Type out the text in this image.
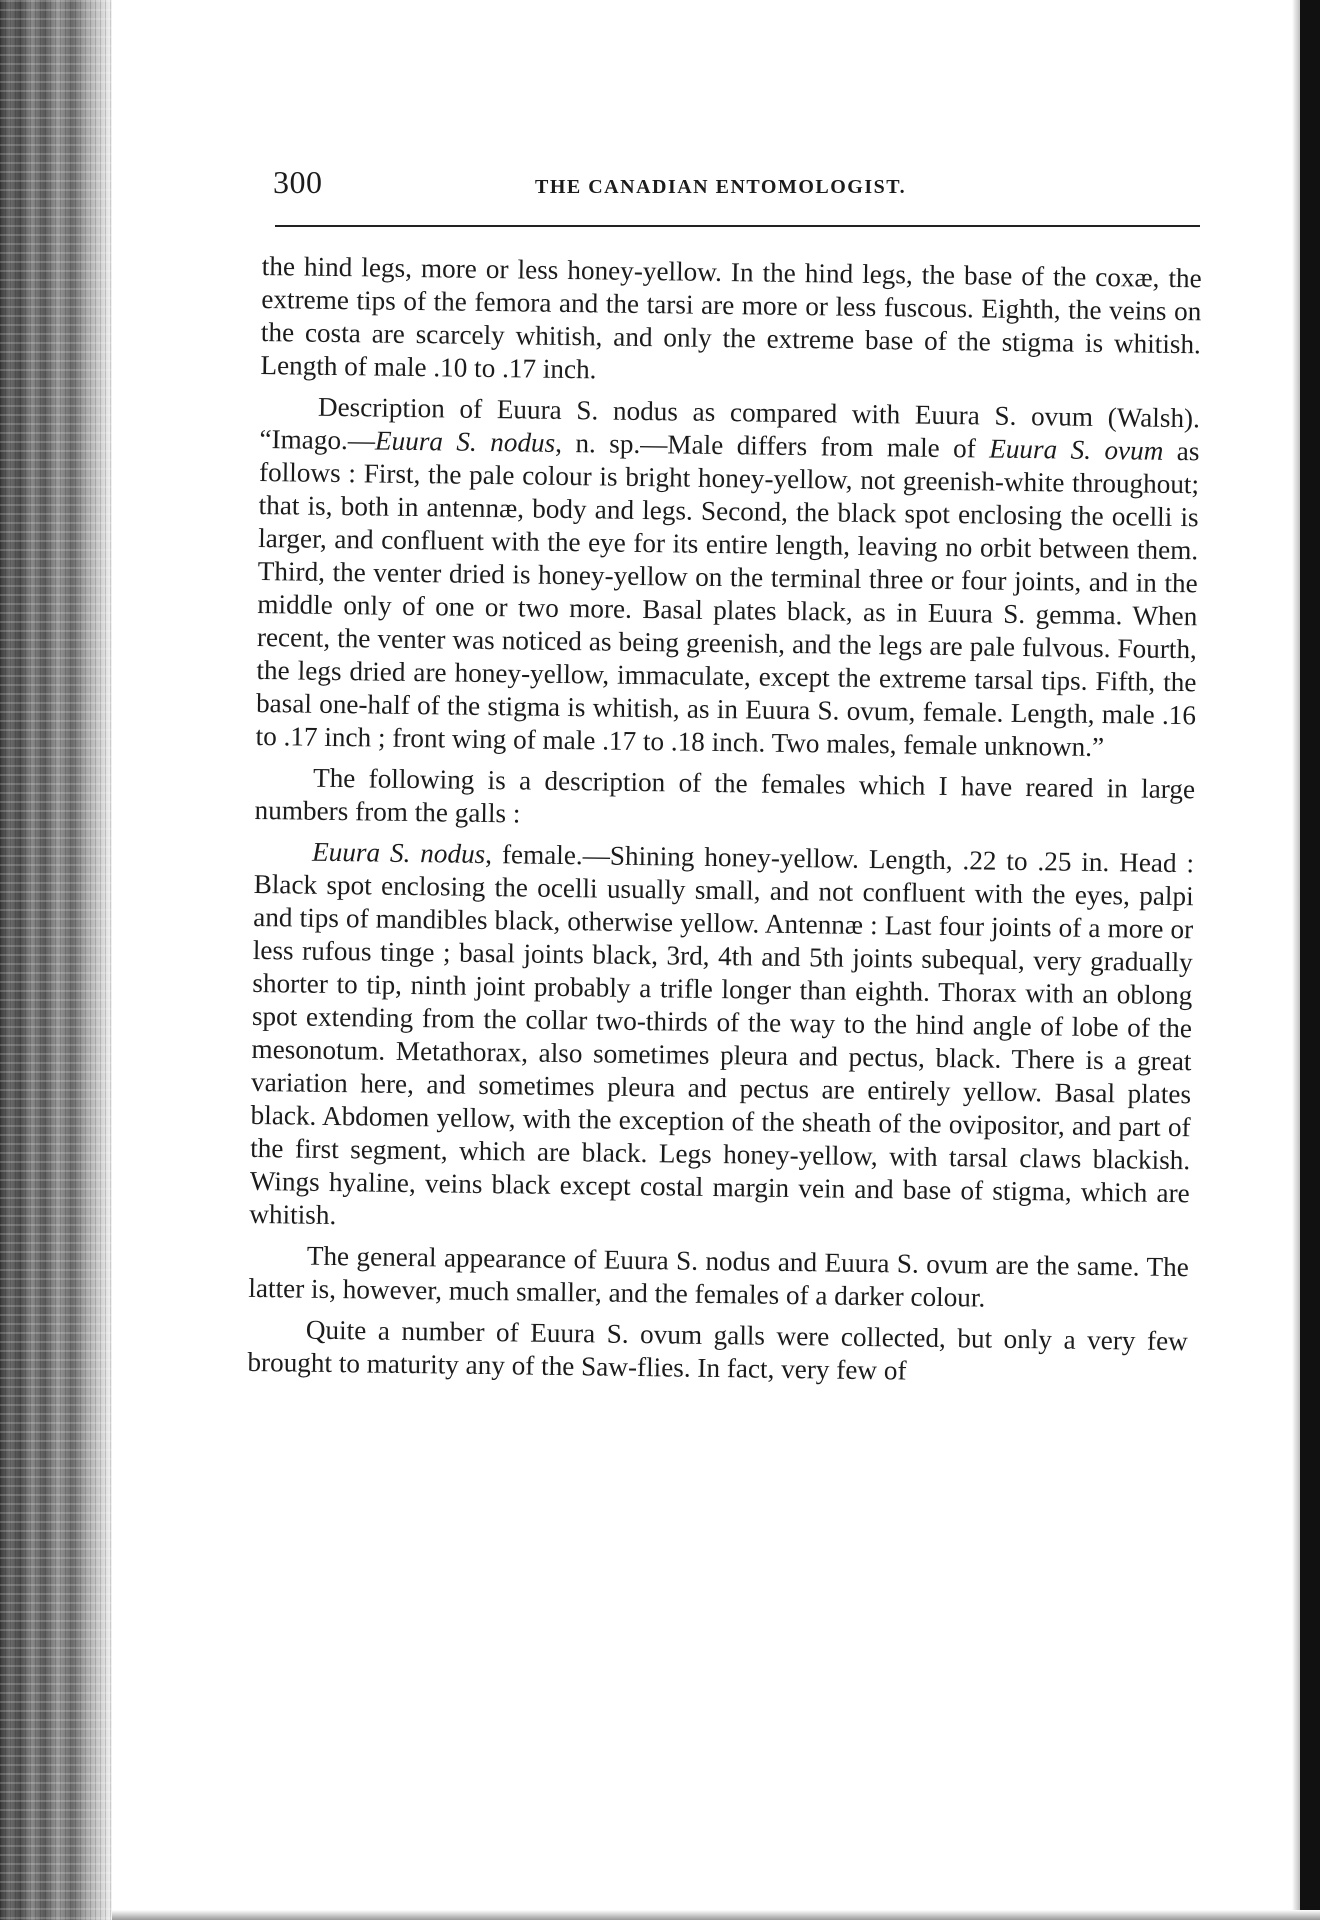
300	THE CANADIAN ENTOMOLOGIST.

the hind legs, more or less honey-yellow. In the hind legs, the base of the coxæ, the extreme tips of the femora and the tarsi are more or less fuscous. Eighth, the veins on the costa are scarcely whitish, and only the extreme base of the stigma is whitish. Length of male .10 to .17 inch.

Description of Euura S. nodus as compared with Euura S. ovum (Walsh). “Imago.—Euura S. nodus, n. sp.—Male differs from male of Euura S. ovum as follows : First, the pale colour is bright honey-yellow, not greenish-white throughout; that is, both in antennæ, body and legs. Second, the black spot enclosing the ocelli is larger, and confluent with the eye for its entire length, leaving no orbit between them. Third, the venter dried is honey-yellow on the terminal three or four joints, and in the middle only of one or two more. Basal plates black, as in Euura S. gemma. When recent, the venter was noticed as being greenish, and the legs are pale fulvous. Fourth, the legs dried are honey-yellow, immaculate, except the extreme tarsal tips. Fifth, the basal one-half of the stigma is whitish, as in Euura S. ovum, female. Length, male .16 to .17 inch ; front wing of male .17 to .18 inch. Two males, female unknown.”

The following is a description of the females which I have reared in large numbers from the galls :

Euura S. nodus, female.—Shining honey-yellow. Length, .22 to .25 in. Head : Black spot enclosing the ocelli usually small, and not confluent with the eyes, palpi and tips of mandibles black, otherwise yellow. Antennæ : Last four joints of a more or less rufous tinge ; basal joints black, 3rd, 4th and 5th joints subequal, very gradually shorter to tip, ninth joint probably a trifle longer than eighth. Thorax with an oblong spot extending from the collar two-thirds of the way to the hind angle of lobe of the mesonotum. Metathorax, also sometimes pleura and pectus, black. There is a great variation here, and sometimes pleura and pectus are entirely yellow. Basal plates black. Abdomen yellow, with the exception of the sheath of the ovipositor, and part of the first segment, which are black. Legs honey-yellow, with tarsal claws blackish. Wings hyaline, veins black except costal margin vein and base of stigma, which are whitish.

The general appearance of Euura S. nodus and Euura S. ovum are the same. The latter is, however, much smaller, and the females of a darker colour.

Quite a number of Euura S. ovum galls were collected, but only a very few brought to maturity any of the Saw-flies. In fact, very few of
